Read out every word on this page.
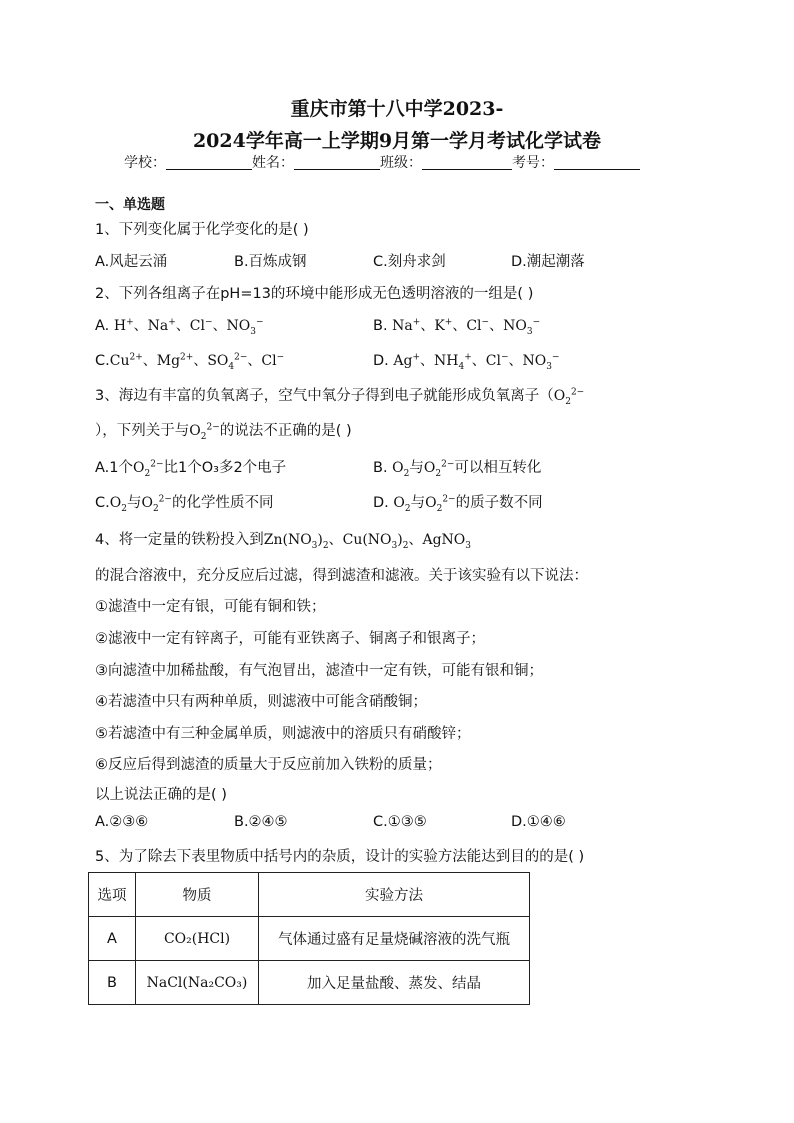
重庆市第十八中学2023-
2024学年高一上学期9月第一学月考试化学试卷
学校：	姓名：	班级：	考号：
一、单选题
1、下列变化属于化学变化的是( )
A.风起云涌	B.百炼成钢	C.刻舟求剑	D.潮起潮落
2、下列各组离子在pH=13的环境中能形成无色透明溶液的一组是( )
A. H+、Na+、Cl−、$NO_3^-$	B. Na+、K+、Cl−、$NO_3^-$
$C.Cu^{2+}$、$Mg^{2+}$、$SO_4^{2-}$、Cl−	D. Ag+、$NH_4^+$、Cl−、$NO_3^-$
3、海边有丰富的负氧离子，空气中氧分子得到电子就能形成负氧离子（$O_2^{2-}$
），下列关于与$O_2^{2-}$的说法不正确的是( )
A.1个$O_2^{2-}$比1个O₃多2个电子	B. $O_2$与$O_2^{2-}$可以相互转化
$C.O_2$与$O_2^{2-}$的化学性质不同	D. $O_2$与$O_2^{2-}$的质子数不同
4、将一定量的铁粉投入到$Zn(NO_3)_2$、$Cu(NO_3)_2$、AgNO$_3$
的混合溶液中，充分反应后过滤，得到滤渣和滤液。关于该实验有以下说法：
①滤渣中一定有银，可能有铜和铁；
②滤液中一定有锌离子，可能有亚铁离子、铜离子和银离子；
③向滤渣中加稀盐酸，有气泡冒出，滤渣中一定有铁，可能有银和铜；
④若滤渣中只有两种单质，则滤液中可能含硝酸铜；
⑤若滤渣中有三种金属单质，则滤液中的溶质只有硝酸锌；
⑥反应后得到滤渣的质量大于反应前加入铁粉的质量；
以上说法正确的是( )
A.②③⑥	B.②④⑤	C.①③⑤	D.①④⑥
5、为了除去下表里物质中括号内的杂质，设计的实验方法能达到目的的是( )
选项	物质	实验方法
A	CO₂(HCl)	气体通过盛有足量烧碱溶液的洗气瓶
B	NaCl(Na₂CO₃)	加入足量盐酸、蒸发、结晶
